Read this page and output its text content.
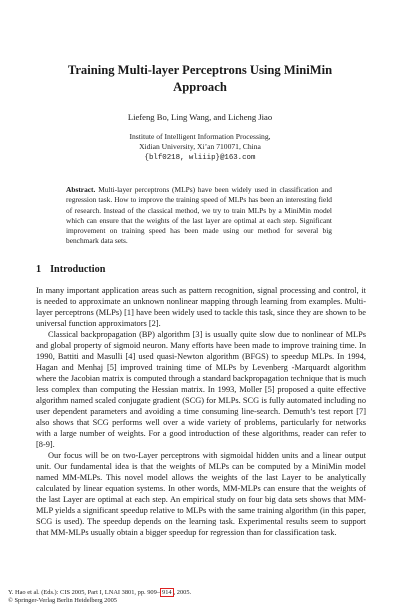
Training Multi-layer Perceptrons Using MiniMin
Approach
Liefeng Bo, Ling Wang, and Licheng Jiao
Institute of Intelligent Information Processing,
Xidian University, Xi’an 710071, China
{blf0218, wliiip}@163.com
Abstract. Multi-layer perceptrons (MLPs) have been widely used in classification and regression task. How to improve the training speed of MLPs has been an interesting field of research. Instead of the classical method, we try to train MLPs by a MiniMin model which can ensure that the weights of the last layer are optimal at each step. Significant improvement on training speed has been made using our method for several big benchmark data sets.
1 Introduction

In many important application areas such as pattern recognition, signal processing and control, it is needed to approximate an unknown nonlinear mapping through learning from examples. Multi-layer perceptrons (MLPs) [1] have been widely used to tackle this task, since they are shown to be universal function approximators [2].

Classical backpropagation (BP) algorithm [3] is usually quite slow due to nonlinear of MLPs and global property of sigmoid neuron. Many efforts have been made to improve training time. In 1990, Battiti and Masulli [4] used quasi-Newton algorithm (BFGS) to speedup MLPs. In 1994, Hagan and Menhaj [5] improved training time of MLPs by Levenberg -Marquardt algorithm where the Jacobian matrix is computed through a standard backpropagation technique that is much less complex than computing the Hessian matrix. In 1993, Moller [5] proposed a quite effective algorithm named scaled conjugate gradient (SCG) for MLPs. SCG is fully automated including no user dependent parameters and avoiding a time consuming line-search. Demuth’s test report [7] also shows that SCG performs well over a wide variety of problems, particularly for networks with a large number of weights. For a good introduction of these algorithms, reader can refer to [8-9].

Our focus will be on two-Layer perceptrons with sigmoidal hidden units and a linear output unit. Our fundamental idea is that the weights of MLPs can be computed by a MiniMin model named MM-MLPs. This novel model allows the weights of the last Layer to be analytically calculated by linear equation systems. In other words, MM-MLPs can ensure that the weights of the last Layer are optimal at each step. An empirical study on four big data sets shows that MM-MLP yields a significant speedup relative to MLPs with the same training algorithm (in this paper, SCG is used). The speedup depends on the learning task. Experimental results seem to support that MM-MLPs usually obtain a bigger speedup for regression than for classification task.

Y. Hao et al. (Eds.): CIS 2005, Part I, LNAI 3801, pp. 909– 914 , 2005.
© Springer-Verlag Berlin Heidelberg 2005
